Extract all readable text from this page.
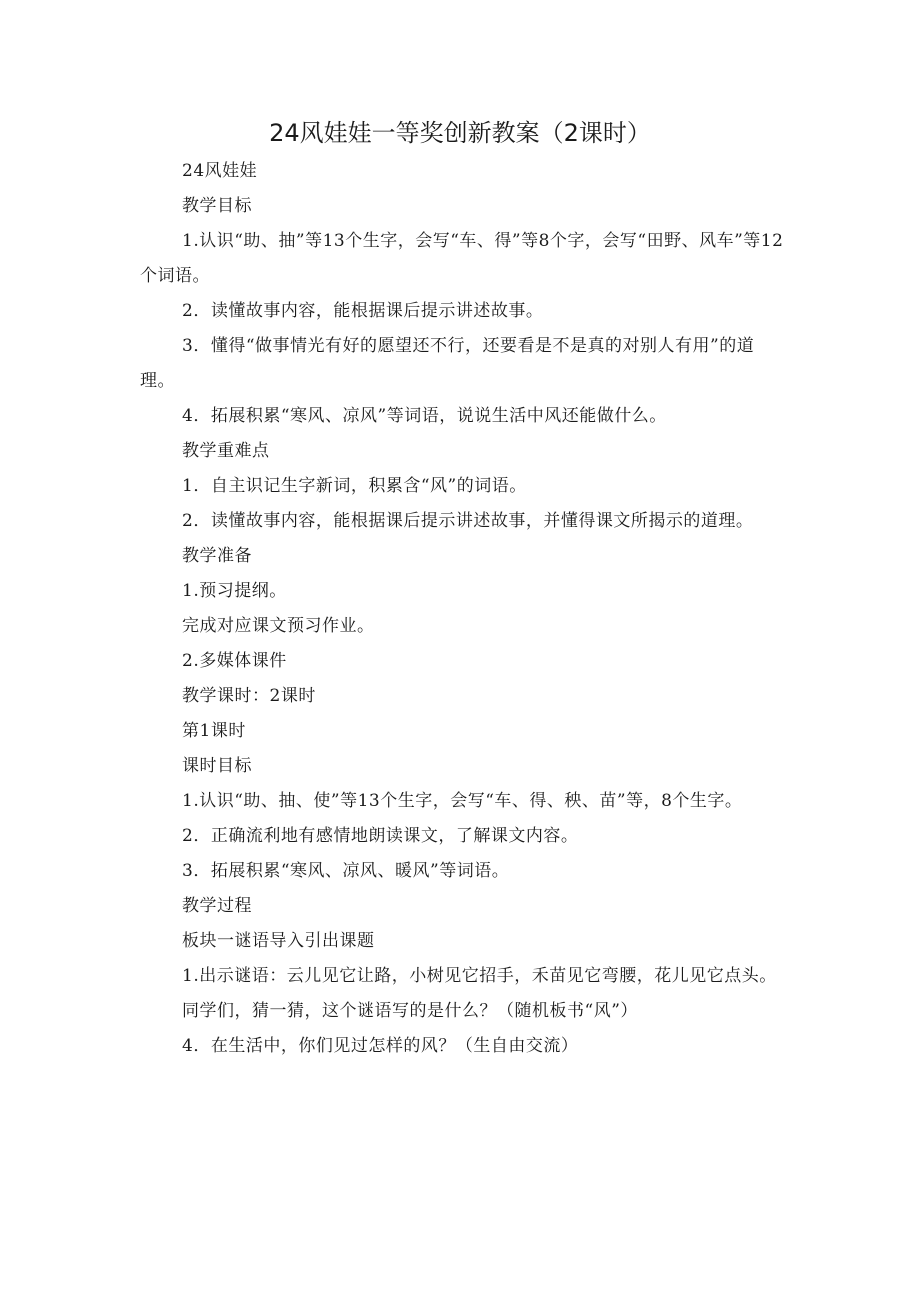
24风娃娃一等奖创新教案（2课时）

24风娃娃

教学目标

1.认识“助、抽”等13个生字，会写“车、得”等8个字，会写“田野、风车”等12个词语。

2．读懂故事内容，能根据课后提示讲述故事。

3．懂得“做事情光有好的愿望还不行，还要看是不是真的对别人有用”的道理。

4．拓展积累“寒风、凉风”等词语，说说生活中风还能做什么。

教学重难点

1．自主识记生字新词，积累含“风”的词语。

2．读懂故事内容，能根据课后提示讲述故事，并懂得课文所揭示的道理。

教学准备

1.预习提纲。

完成对应课文预习作业。

2.多媒体课件

教学课时：2课时

第1课时

课时目标

1.认识“助、抽、使”等13个生字，会写“车、得、秧、苗”等，8个生字。

2．正确流利地有感情地朗读课文，了解课文内容。

3．拓展积累“寒风、凉风、暖风”等词语。

教学过程

板块一谜语导入引出课题

1.出示谜语：云儿见它让路，小树见它招手，禾苗见它弯腰，花儿见它点头。

同学们，猜一猜，这个谜语写的是什么？（随机板书“风”）

4．在生活中，你们见过怎样的风？（生自由交流）
